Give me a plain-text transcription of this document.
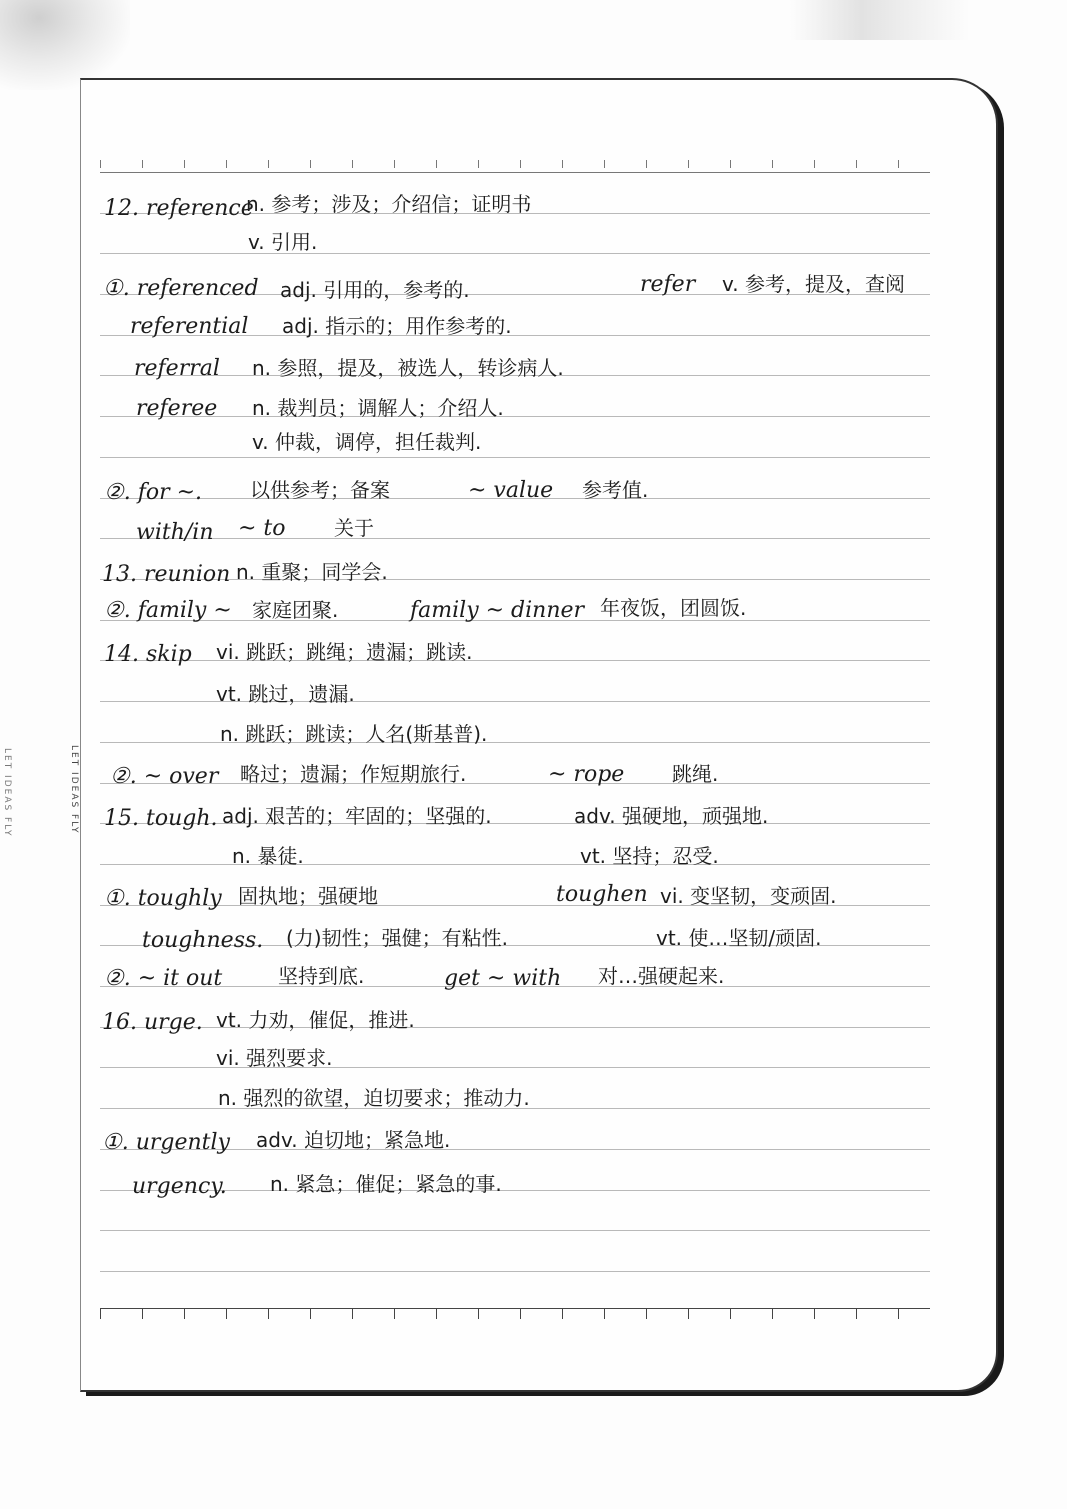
LET IDEAS FLY	LET IDEAS FLY
12. reference
n. 参考；涉及；介绍信；证明书
v. 引用.
①. referenced adj. 引用的，参考的.	refer v. 参考，提及，查阅
referential adj. 指示的；用作参考的.
referral n. 参照，提及，被选人，转诊病人.
referee n. 裁判员；调解人；介绍人.
v. 仲裁，调停，担任裁判.
②. for ~. 以供参考；备案	~ value 参考值.
with/in ~ to 关于
13. reunion n. 重聚；同学会.
②. family ~ 家庭团聚.	family ~ dinner 年夜饭，团圆饭.
14. skip vi. 跳跃；跳绳；遗漏；跳读.
vt. 跳过，遗漏.
n. 跳跃；跳读；人名(斯基普).
②. ~ over 略过；遗漏；作短期旅行.	~ rope 跳绳.
15. tough. adj. 艰苦的；牢固的；坚强的.	adv. 强硬地，顽强地.
n. 暴徒.	vt. 坚持；忍受.
①. toughly 固执地；强硬地	toughen vi. 变坚韧，变顽固.
toughness. (力)韧性；强健；有粘性.	vt. 使…坚韧/顽固.
②. ~ it out	坚持到底.	get ~ with 对…强硬起来.
16. urge. vt. 力劝，催促，推进.
vi. 强烈要求.
n. 强烈的欲望，迫切要求；推动力.
①. urgently adv. 迫切地；紧急地.
urgency. n. 紧急；催促；紧急的事.
